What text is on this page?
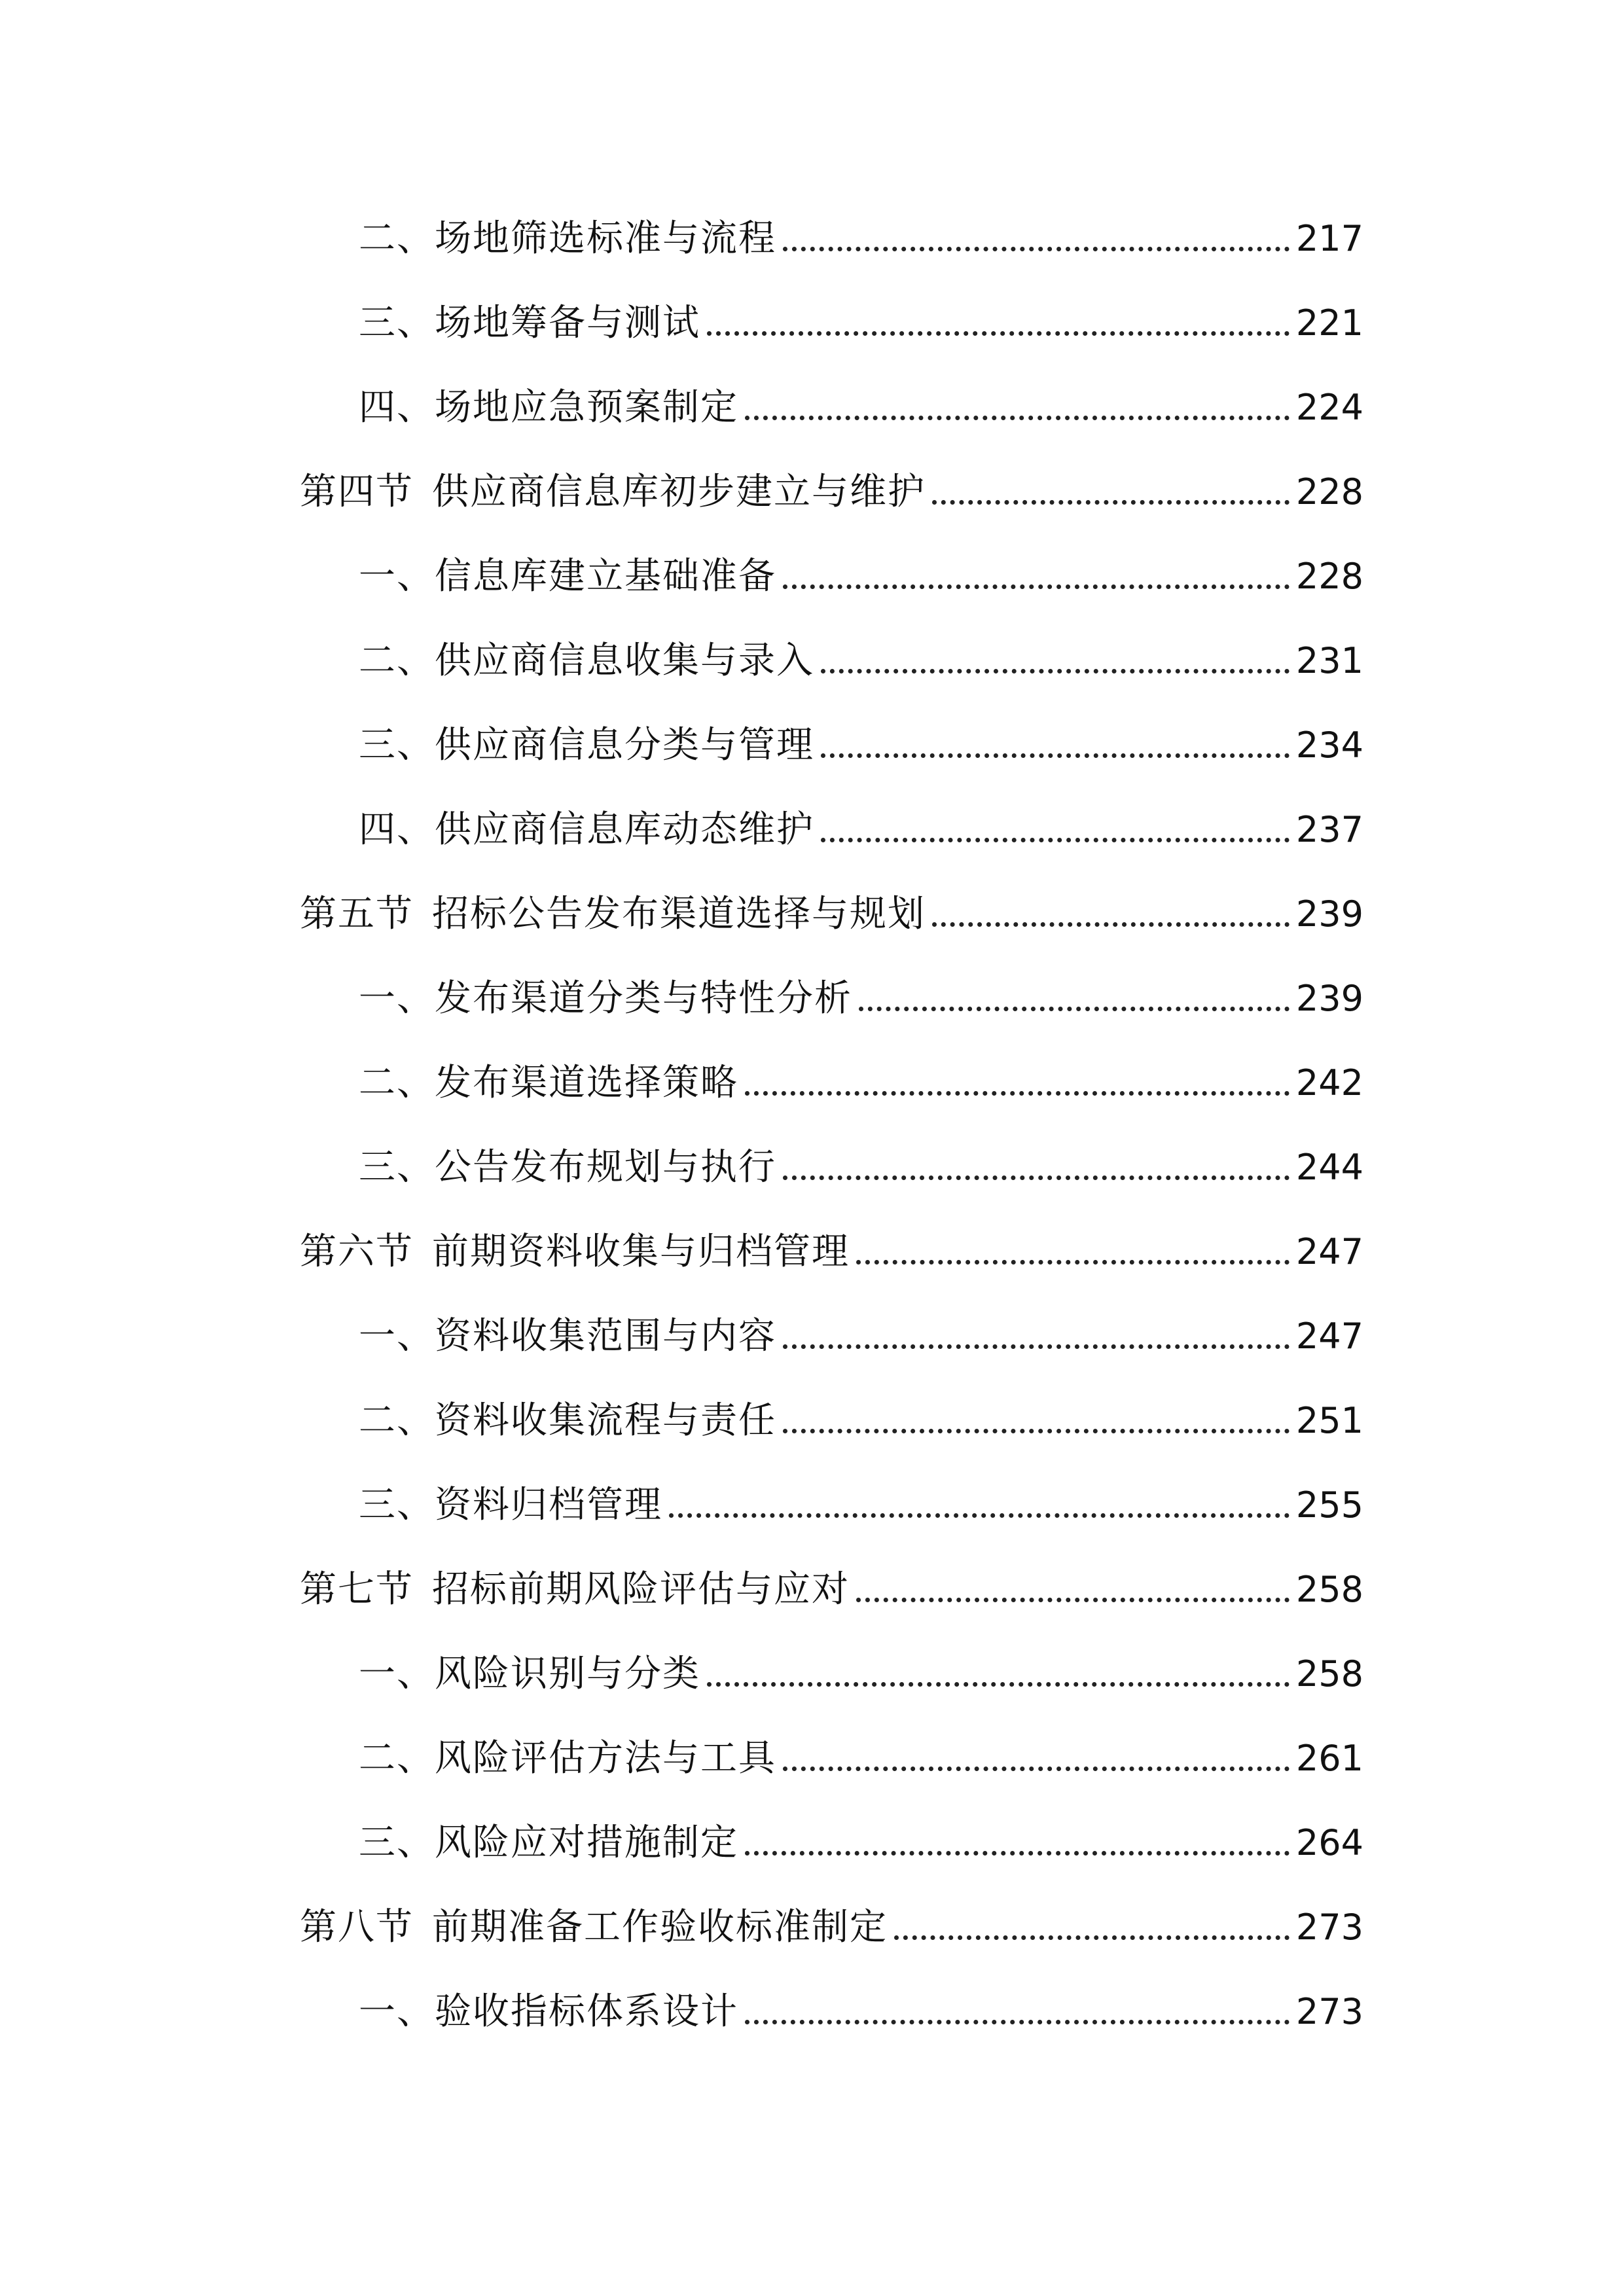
二、 场地筛选标准与流程	217
三、 场地筹备与测试	221
四、 场地应急预案制定	224
第四节 供应商信息库初步建立与维护	228
一、 信息库建立基础准备	228
二、 供应商信息收集与录入	231
三、 供应商信息分类与管理	234
四、 供应商信息库动态维护	237
第五节 招标公告发布渠道选择与规划	239
一、 发布渠道分类与特性分析	239
二、 发布渠道选择策略	242
三、 公告发布规划与执行	244
第六节 前期资料收集与归档管理	247
一、 资料收集范围与内容	247
二、 资料收集流程与责任	251
三、 资料归档管理	255
第七节 招标前期风险评估与应对	258
一、 风险识别与分类	258
二、 风险评估方法与工具	261
三、 风险应对措施制定	264
第八节 前期准备工作验收标准制定	273
一、 验收指标体系设计	273
